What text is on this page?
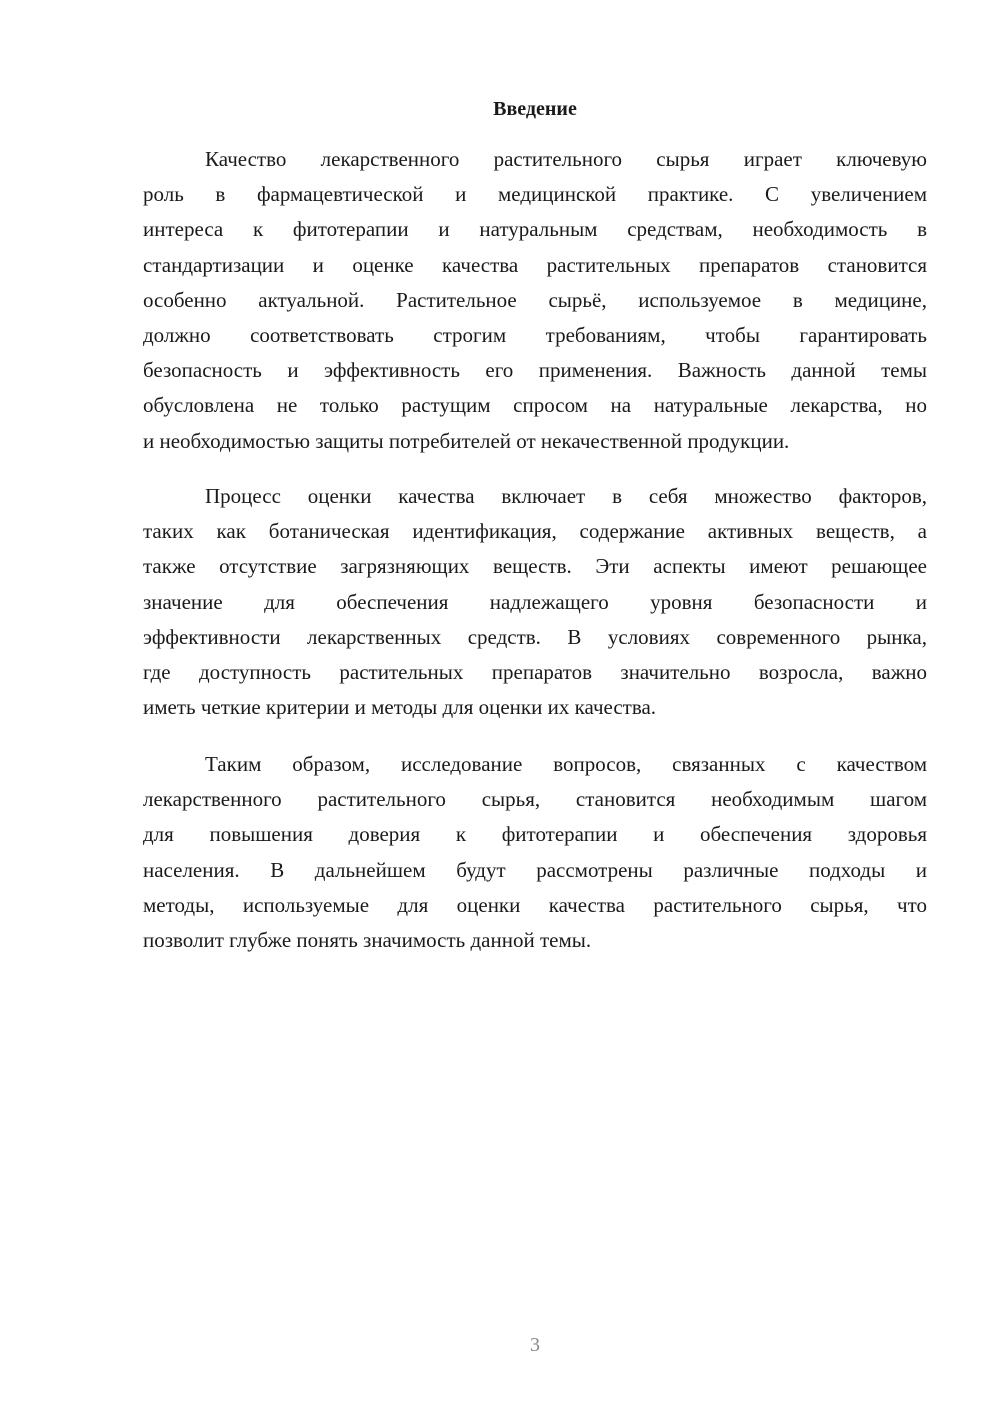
Введение
Качество лекарственного растительного сырья играет ключевую
роль в фармацевтической и медицинской практике. С увеличением
интереса к фитотерапии и натуральным средствам, необходимость в
стандартизации и оценке качества растительных препаратов становится
особенно актуальной. Растительное сырьё, используемое в медицине,
должно соответствовать строгим требованиям, чтобы гарантировать
безопасность и эффективность его применения. Важность данной темы
обусловлена не только растущим спросом на натуральные лекарства, но
и необходимостью защиты потребителей от некачественной продукции.
Процесс оценки качества включает в себя множество факторов,
таких как ботаническая идентификация, содержание активных веществ, а
также отсутствие загрязняющих веществ. Эти аспекты имеют решающее
значение для обеспечения надлежащего уровня безопасности и
эффективности лекарственных средств. В условиях современного рынка,
где доступность растительных препаратов значительно возросла, важно
иметь четкие критерии и методы для оценки их качества.
Таким образом, исследование вопросов, связанных с качеством
лекарственного растительного сырья, становится необходимым шагом
для повышения доверия к фитотерапии и обеспечения здоровья
населения. В дальнейшем будут рассмотрены различные подходы и
методы, используемые для оценки качества растительного сырья, что
позволит глубже понять значимость данной темы.
3
